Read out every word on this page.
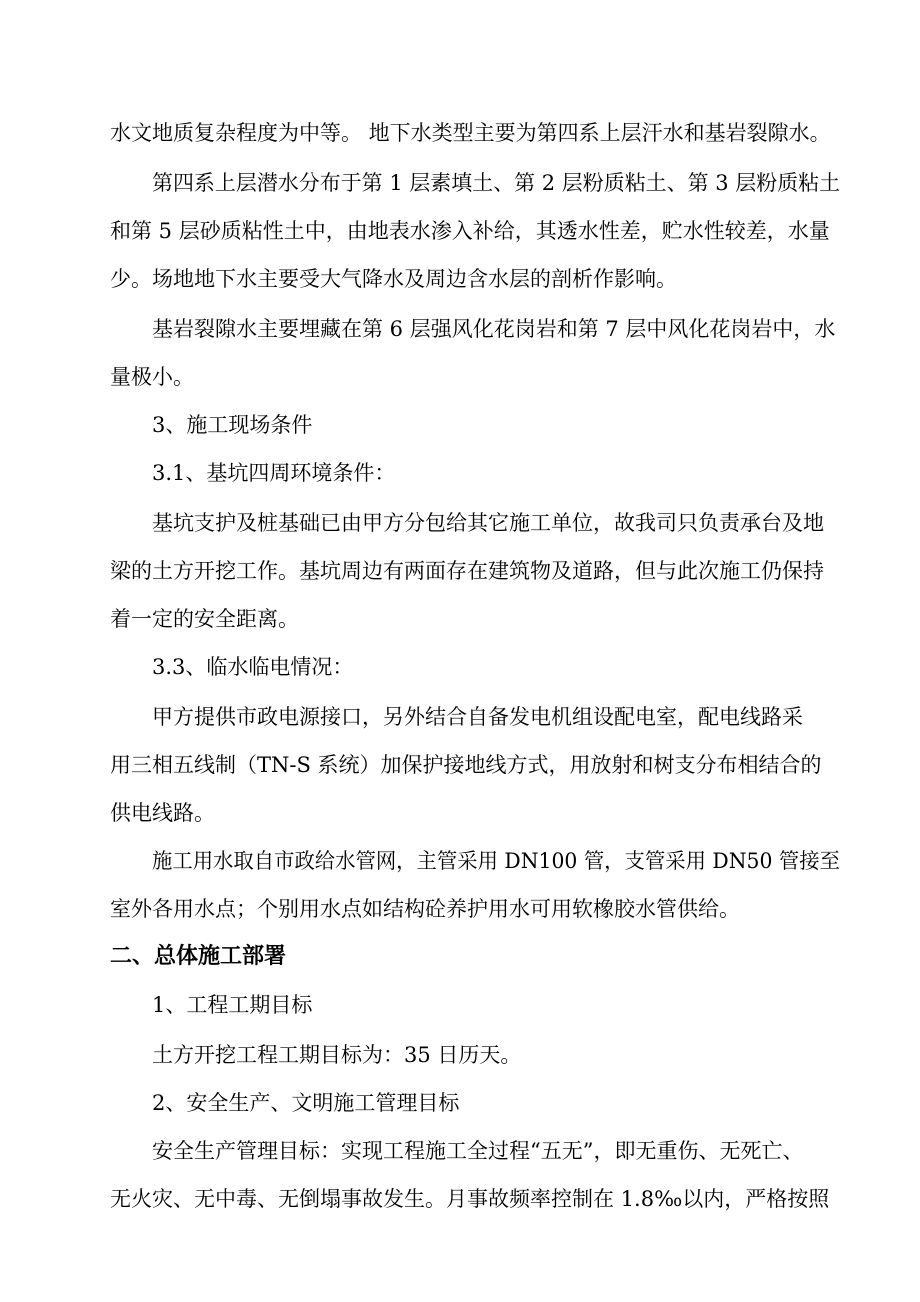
水文地质复杂程度为中等。 地下水类型主要为第四系上层汗水和基岩裂隙水。
第四系上层潜水分布于第 1 层素填土、第 2 层粉质粘土、第 3 层粉质粘土
和第 5 层砂质粘性土中，由地表水渗入补给，其透水性差，贮水性较差，水量
少。场地地下水主要受大气降水及周边含水层的剖析作影响。
基岩裂隙水主要埋藏在第 6 层强风化花岗岩和第 7 层中风化花岗岩中，水
量极小。
3、施工现场条件
3.1、基坑四周环境条件：
基坑支护及桩基础已由甲方分包给其它施工单位，故我司只负责承台及地
梁的土方开挖工作。基坑周边有两面存在建筑物及道路，但与此次施工仍保持
着一定的安全距离。
3.3、临水临电情况：
甲方提供市政电源接口，另外结合自备发电机组设配电室，配电线路采
用三相五线制（TN-S 系统）加保护接地线方式，用放射和树支分布相结合的
供电线路。
施工用水取自市政给水管网，主管采用 DN100 管，支管采用 DN50 管接至
室外各用水点；个别用水点如结构砼养护用水可用软橡胶水管供给。
二、总体施工部署
1、工程工期目标
土方开挖工程工期目标为：35 日历天。
2、安全生产、文明施工管理目标
安全生产管理目标：实现工程施工全过程“五无”，即无重伤、无死亡、
无火灾、无中毒、无倒塌事故发生。月事故频率控制在 1.8‰以内，严格按照
